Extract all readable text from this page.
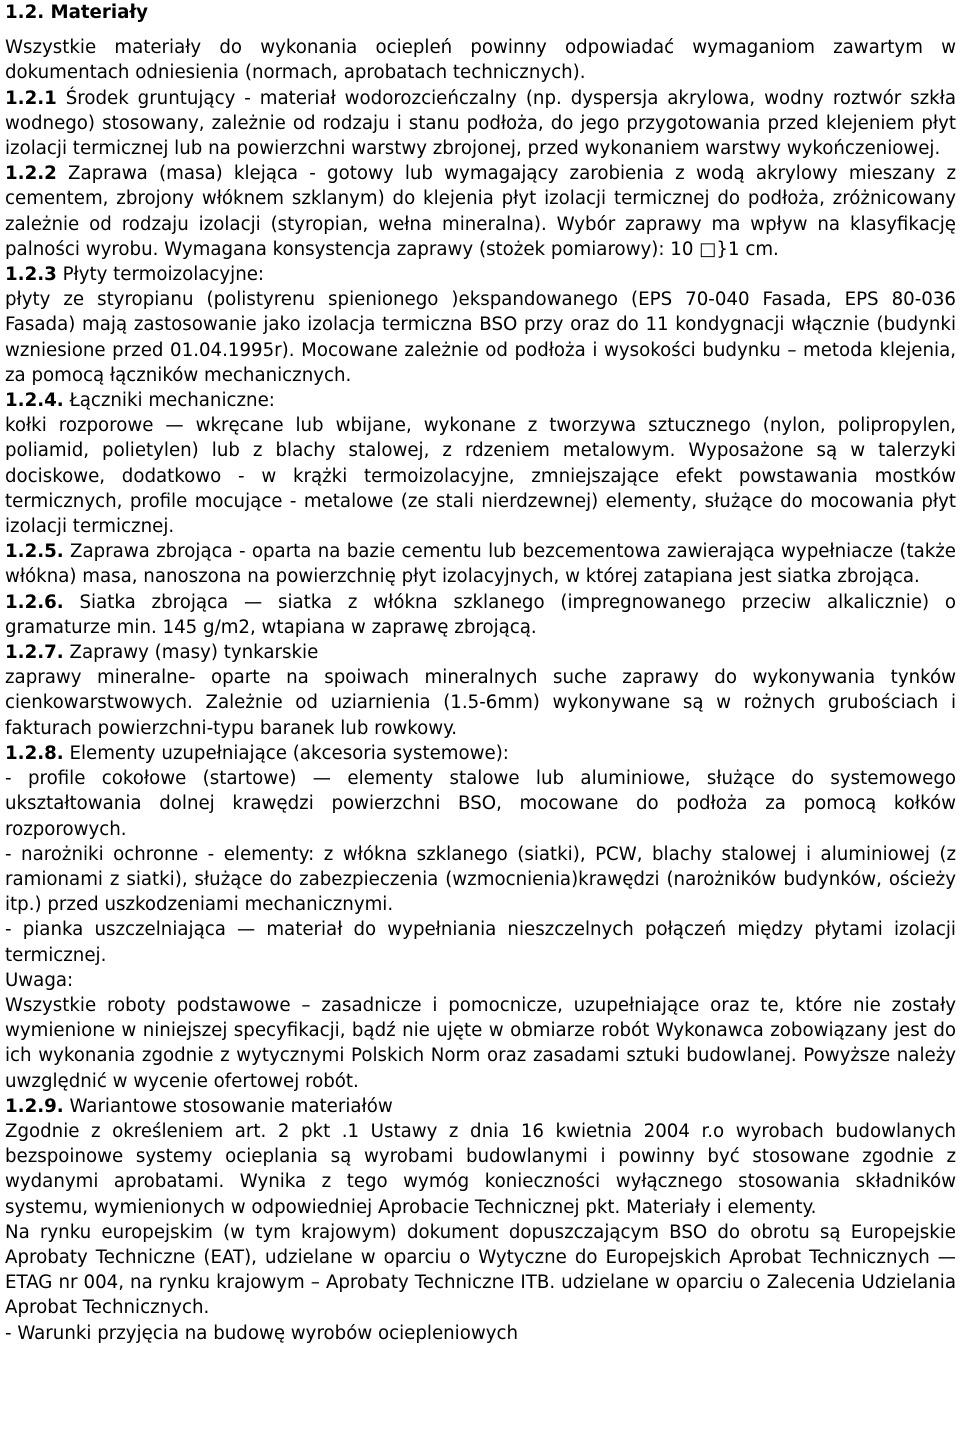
1.2. Materiały

Wszystkie materiały do wykonania ociepleń powinny odpowiadać wymaganiom zawartym w dokumentach odniesienia (normach, aprobatach technicznych).

1.2.1 Środek gruntujący - materiał wodorozcieńczalny (np. dyspersja akrylowa, wodny roztwór szkła wodnego) stosowany, zależnie od rodzaju i stanu podłoża, do jego przygotowania przed klejeniem płyt izolacji termicznej lub na powierzchni warstwy zbrojonej, przed wykonaniem warstwy wykończeniowej.

1.2.2 Zaprawa (masa) klejąca - gotowy lub wymagający zarobienia z wodą akrylowy mieszany z cementem, zbrojony włóknem szklanym) do klejenia płyt izolacji termicznej do podłoża, zróżnicowany zależnie od rodzaju izolacji (styropian, wełna mineralna). Wybór zaprawy ma wpływ na klasyfikację palności wyrobu. Wymagana konsystencja zaprawy (stożek pomiarowy): 10 □}1 cm.

1.2.3 Płyty termoizolacyjne:

płyty ze styropianu (polistyrenu spienionego )ekspandowanego (EPS 70-040 Fasada, EPS 80-036 Fasada) mają zastosowanie jako izolacja termiczna BSO przy oraz do 11 kondygnacji włącznie (budynki wzniesione przed 01.04.1995r). Mocowane zależnie od podłoża i wysokości budynku – metoda klejenia, za pomocą łączników mechanicznych.

1.2.4. Łączniki mechaniczne:

kołki rozporowe — wkręcane lub wbijane, wykonane z tworzywa sztucznego (nylon, polipropylen, poliamid, polietylen) lub z blachy stalowej, z rdzeniem metalowym. Wyposażone są w talerzyki dociskowe, dodatkowo - w krążki termoizolacyjne, zmniejszające efekt powstawania mostków termicznych, profile mocujące - metalowe (ze stali nierdzewnej) elementy, służące do mocowania płyt izolacji termicznej.

1.2.5. Zaprawa zbrojąca - oparta na bazie cementu lub bezcementowa zawierająca wypełniacze (także włókna) masa, nanoszona na powierzchnię płyt izolacyjnych, w której zatapiana jest siatka zbrojąca.

1.2.6. Siatka zbrojąca — siatka z włókna szklanego (impregnowanego przeciw alkalicznie) o gramaturze min. 145 g/m2, wtapiana w zaprawę zbrojącą.

1.2.7. Zaprawy (masy) tynkarskie

zaprawy mineralne- oparte na spoiwach mineralnych suche zaprawy do wykonywania tynków cienkowarstwowych. Zależnie od uziarnienia (1.5-6mm) wykonywane są w rożnych grubościach i fakturach powierzchni-typu baranek lub rowkowy.

1.2.8. Elementy uzupełniające (akcesoria systemowe):

- profile cokołowe (startowe) — elementy stalowe lub aluminiowe, służące do systemowego ukształtowania dolnej krawędzi powierzchni BSO, mocowane do podłoża za pomocą kołków rozporowych.

- narożniki ochronne - elementy: z włókna szklanego (siatki), PCW, blachy stalowej i aluminiowej (z ramionami z siatki), służące do zabezpieczenia (wzmocnienia)krawędzi (narożników budynków, ościeży itp.) przed uszkodzeniami mechanicznymi.

- pianka uszczelniająca — materiał do wypełniania nieszczelnych połączeń między płytami izolacji termicznej.

Uwaga:

Wszystkie roboty podstawowe – zasadnicze i pomocnicze, uzupełniające oraz te, które nie zostały wymienione w niniejszej specyfikacji, bądź nie ujęte w obmiarze robót Wykonawca zobowiązany jest do ich wykonania zgodnie z wytycznymi Polskich Norm oraz zasadami sztuki budowlanej. Powyższe należy uwzględnić w wycenie ofertowej robót.

1.2.9. Wariantowe stosowanie materiałów

Zgodnie z określeniem art. 2 pkt .1 Ustawy z dnia 16 kwietnia 2004 r.o wyrobach budowlanych bezspoinowe systemy ocieplania są wyrobami budowlanymi i powinny być stosowane zgodnie z wydanymi aprobatami. Wynika z tego wymóg konieczności wyłącznego stosowania składników systemu, wymienionych w odpowiedniej Aprobacie Technicznej pkt. Materiały i elementy.

Na rynku europejskim (w tym krajowym) dokument dopuszczającym BSO do obrotu są Europejskie Aprobaty Techniczne (EAT), udzielane w oparciu o Wytyczne do Europejskich Aprobat Technicznych — ETAG nr 004, na rynku krajowym – Aprobaty Techniczne ITB. udzielane w oparciu o Zalecenia Udzielania Aprobat Technicznych.

- Warunki przyjęcia na budowę wyrobów ociepleniowych
